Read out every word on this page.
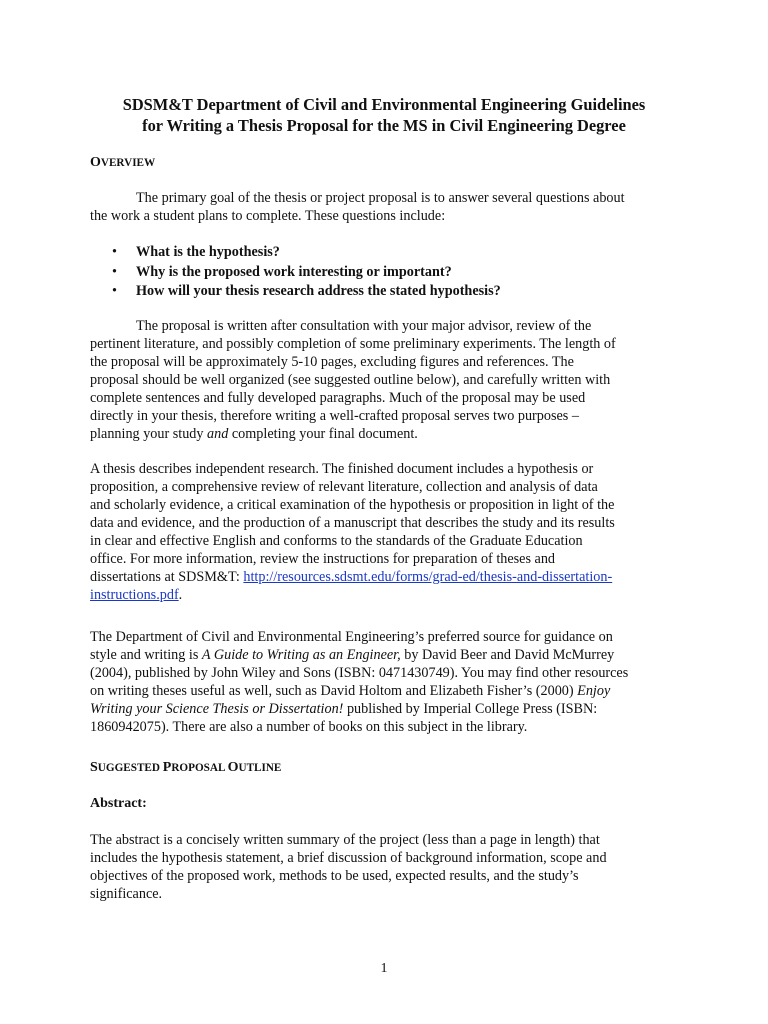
SDSM&T Department of Civil and Environmental Engineering Guidelines
for Writing a Thesis Proposal for the MS in Civil Engineering Degree
OVERVIEW
The primary goal of the thesis or project proposal is to answer several questions about
the work a student plans to complete. These questions include:
• What is the hypothesis?
• Why is the proposed work interesting or important?
• How will your thesis research address the stated hypothesis?
The proposal is written after consultation with your major advisor, review of the
pertinent literature, and possibly completion of some preliminary experiments. The length of
the proposal will be approximately 5-10 pages, excluding figures and references. The
proposal should be well organized (see suggested outline below), and carefully written with
complete sentences and fully developed paragraphs. Much of the proposal may be used
directly in your thesis, therefore writing a well-crafted proposal serves two purposes –
planning your study and completing your final document.
A thesis describes independent research. The finished document includes a hypothesis or
proposition, a comprehensive review of relevant literature, collection and analysis of data
and scholarly evidence, a critical examination of the hypothesis or proposition in light of the
data and evidence, and the production of a manuscript that describes the study and its results
in clear and effective English and conforms to the standards of the Graduate Education
office. For more information, review the instructions for preparation of theses and
dissertations at SDSM&T: http://resources.sdsmt.edu/forms/grad-ed/thesis-and-dissertation-
instructions.pdf.
The Department of Civil and Environmental Engineering’s preferred source for guidance on
style and writing is A Guide to Writing as an Engineer, by David Beer and David McMurrey
(2004), published by John Wiley and Sons (ISBN: 0471430749). You may find other resources
on writing theses useful as well, such as David Holtom and Elizabeth Fisher’s (2000) Enjoy
Writing your Science Thesis or Dissertation! published by Imperial College Press (ISBN:
1860942075). There are also a number of books on this subject in the library.
SUGGESTED PROPOSAL OUTLINE
Abstract:
The abstract is a concisely written summary of the project (less than a page in length) that
includes the hypothesis statement, a brief discussion of background information, scope and
objectives of the proposed work, methods to be used, expected results, and the study’s
significance.
1
